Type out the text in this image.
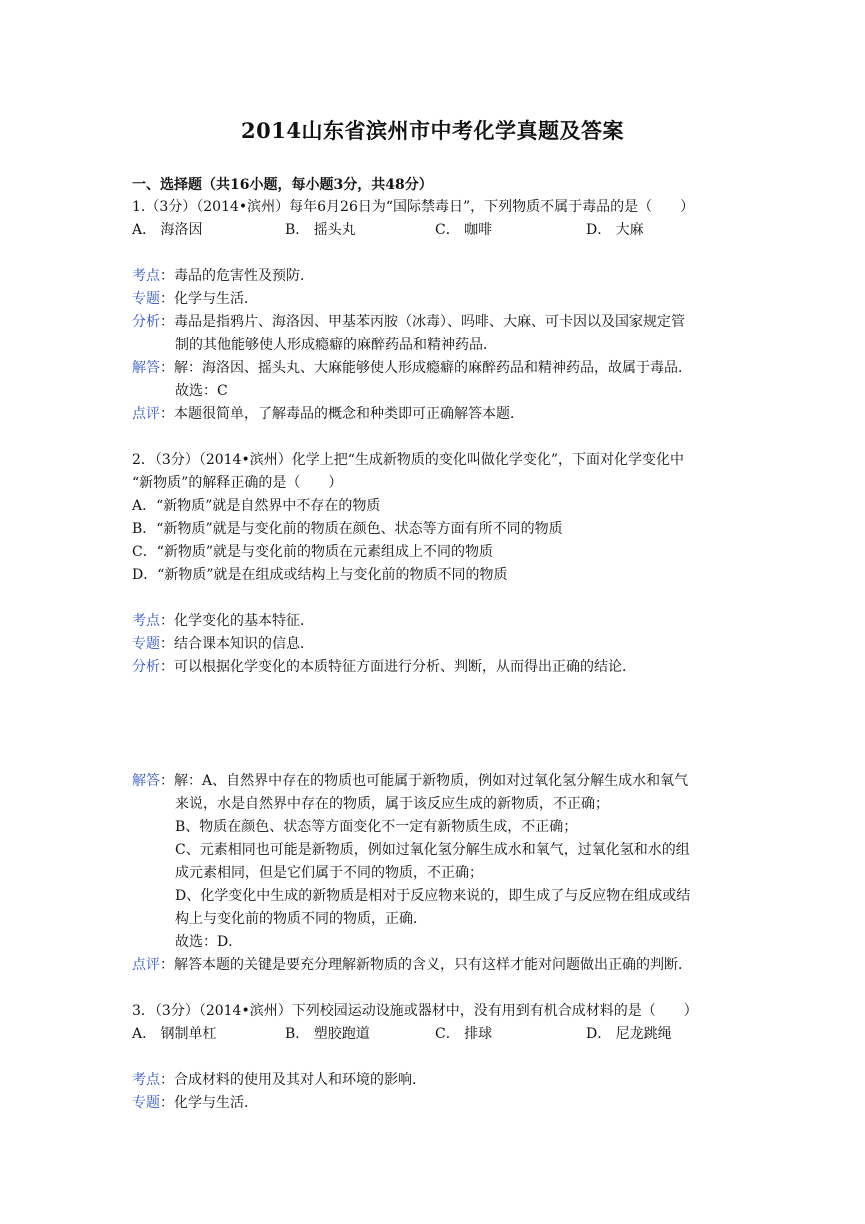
2014山东省滨州市中考化学真题及答案
一、选择题（共16小题，每小题3分，共48分）
1.（3分）（2014•滨州）每年6月26日为“国际禁毒日”，下列物质不属于毒品的是（　　）
A． 海洛因	B． 摇头丸	C． 咖啡	D． 大麻
考点：毒品的危害性及预防．
专题：化学与生活．
分析：毒品是指鸦片、海洛因、甲基苯丙胺（冰毒）、吗啡、大麻、可卡因以及国家规定管
制的其他能够使人形成瘾癖的麻醉药品和精神药品．
解答：解：海洛因、摇头丸、大麻能够使人形成瘾癖的麻醉药品和精神药品，故属于毒品．
故选：C
点评：本题很简单，了解毒品的概念和种类即可正确解答本题．
2．（3分）（2014•滨州）化学上把“生成新物质的变化叫做化学变化”，下面对化学变化中
“新物质”的解释正确的是（　　）
A．“新物质”就是自然界中不存在的物质
B．“新物质”就是与变化前的物质在颜色、状态等方面有所不同的物质
C．“新物质”就是与变化前的物质在元素组成上不同的物质
D．“新物质”就是在组成或结构上与变化前的物质不同的物质
考点：化学变化的基本特征．
专题：结合课本知识的信息．
分析：可以根据化学变化的本质特征方面进行分析、判断，从而得出正确的结论．
解答：解：A、自然界中存在的物质也可能属于新物质，例如对过氧化氢分解生成水和氧气
来说，水是自然界中存在的物质，属于该反应生成的新物质，不正确；
B、物质在颜色、状态等方面变化不一定有新物质生成，不正确；
C、元素相同也可能是新物质，例如过氧化氢分解生成水和氧气，过氧化氢和水的组
成元素相同，但是它们属于不同的物质，不正确；
D、化学变化中生成的新物质是相对于反应物来说的，即生成了与反应物在组成或结
构上与变化前的物质不同的物质，正确．
故选：D．
点评：解答本题的关键是要充分理解新物质的含义，只有这样才能对问题做出正确的判断．
3．（3分）（2014•滨州）下列校园运动设施或器材中，没有用到有机合成材料的是（　　）
A． 钢制单杠	B． 塑胶跑道	C． 排球	D． 尼龙跳绳
考点：合成材料的使用及其对人和环境的影响．
专题：化学与生活．
